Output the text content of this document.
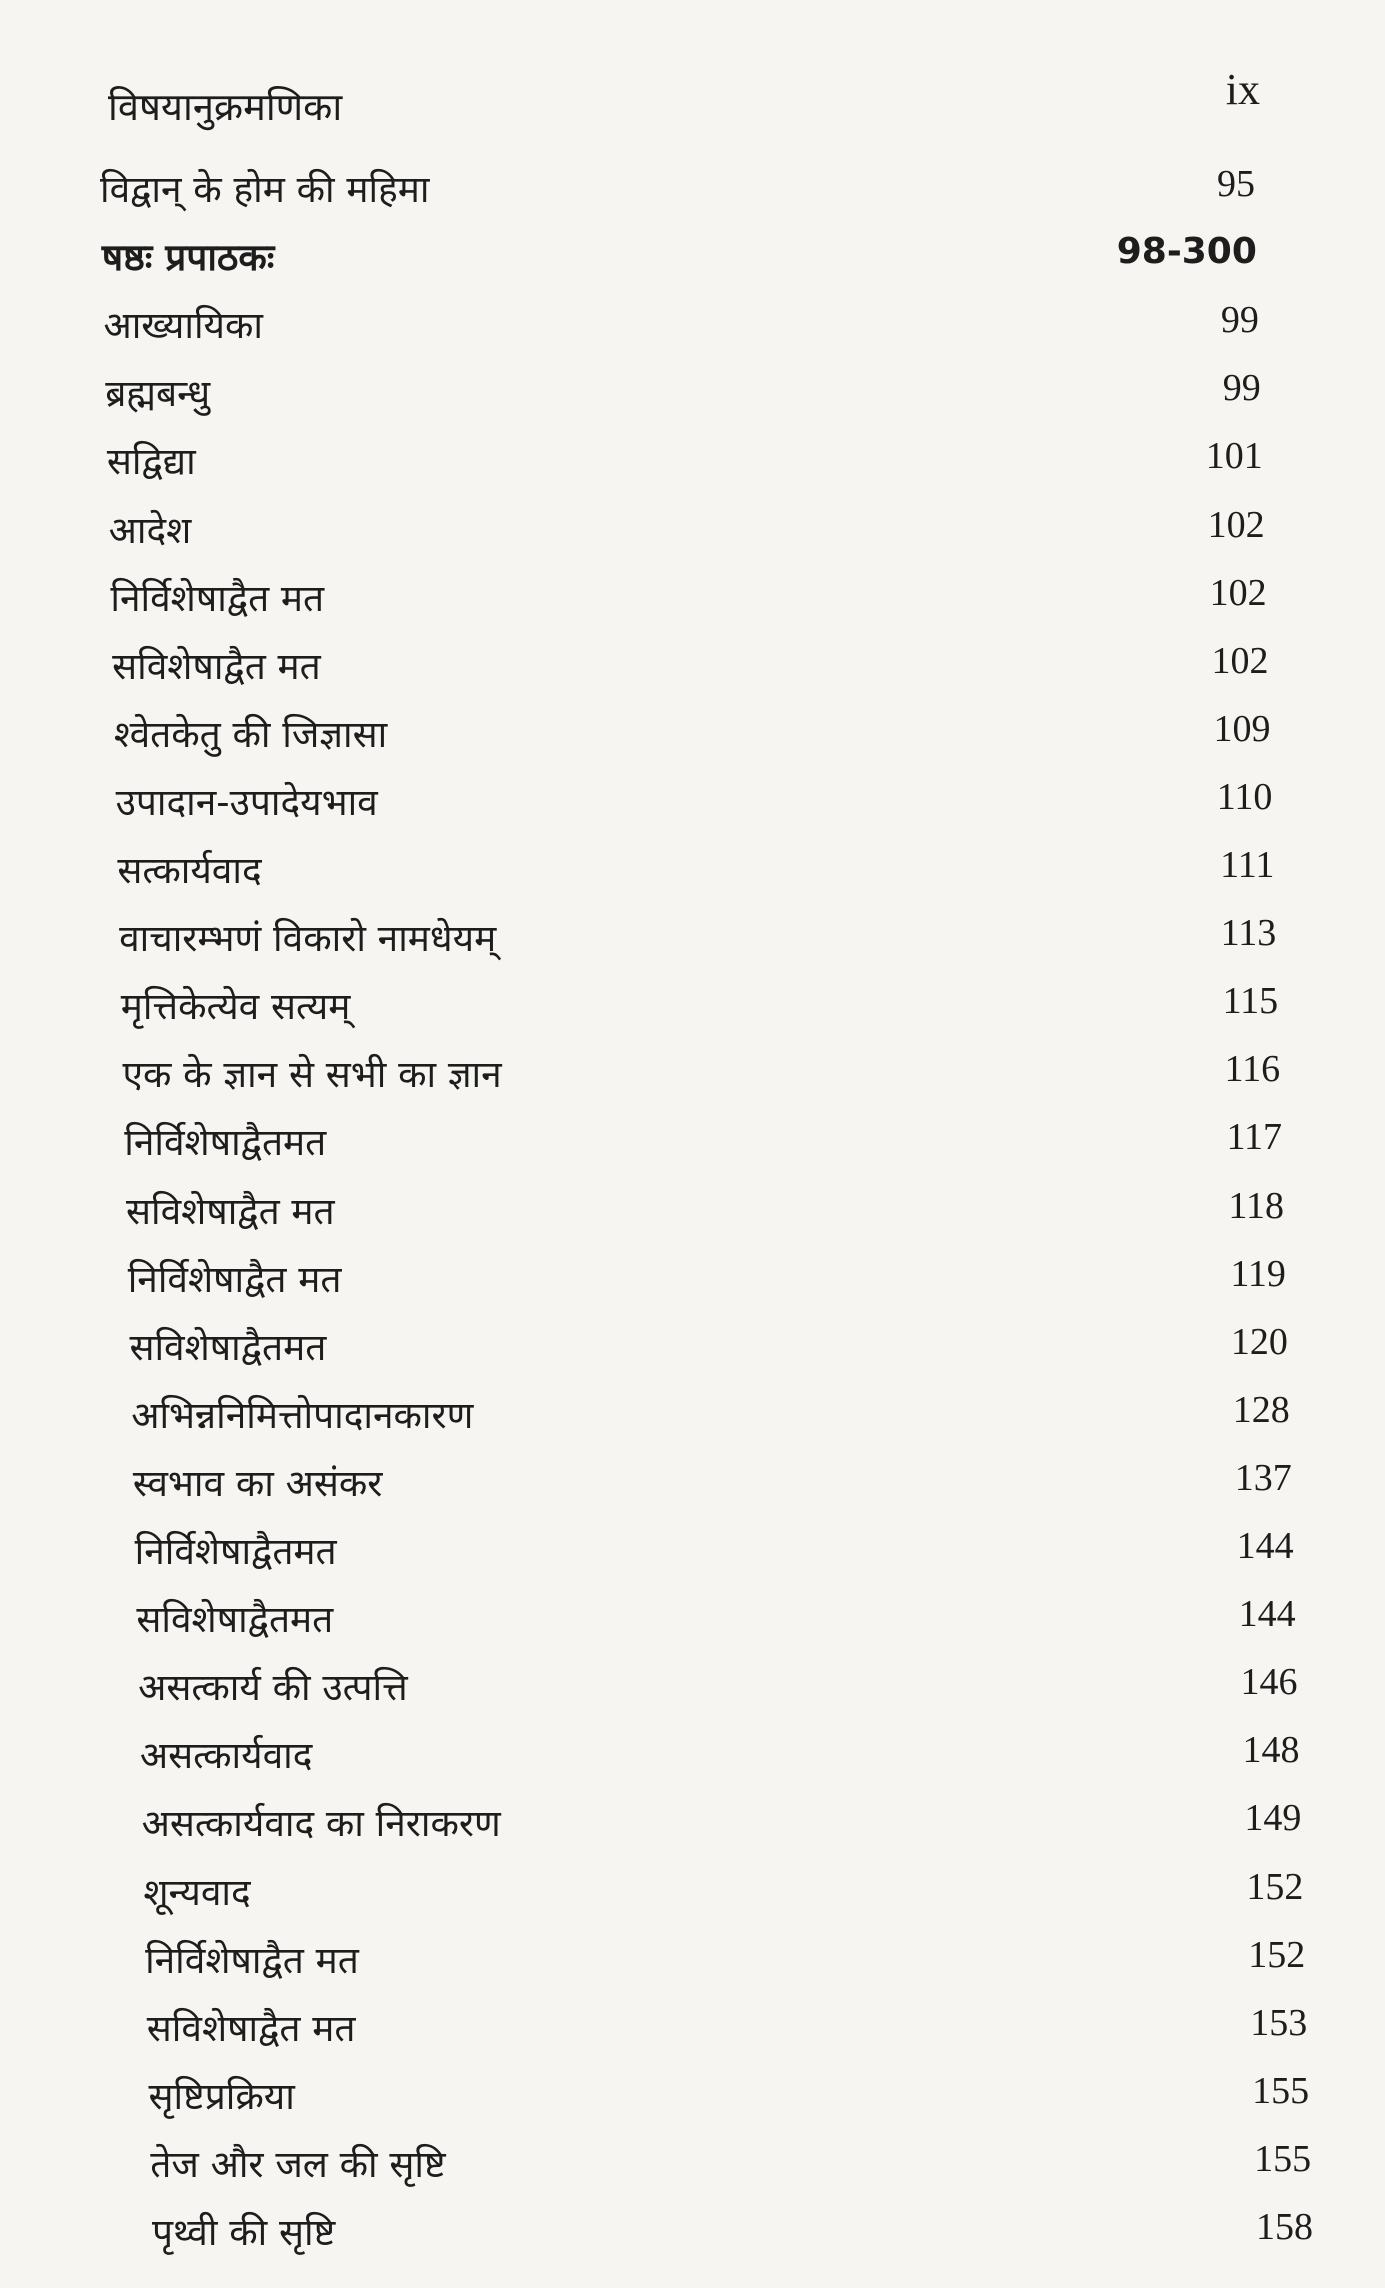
विषयानुक्रमणिका	ix
विद्वान् के होम की महिमा	95
षष्ठः प्रपाठकः	98-300
आख्यायिका	99
ब्रह्मबन्धु	99
सद्विद्या	101
आदेश	102
निर्विशेषाद्वैत मत	102
सविशेषाद्वैत मत	102
श्वेतकेतु की जिज्ञासा	109
उपादान-उपादेयभाव	110
सत्कार्यवाद	111
वाचारम्भणं विकारो नामधेयम्	113
मृत्तिकेत्येव सत्यम्	115
एक के ज्ञान से सभी का ज्ञान	116
निर्विशेषाद्वैतमत	117
सविशेषाद्वैत मत	118
निर्विशेषाद्वैत मत	119
सविशेषाद्वैतमत	120
अभिन्ननिमित्तोपादानकारण	128
स्वभाव का असंकर	137
निर्विशेषाद्वैतमत	144
सविशेषाद्वैतमत	144
असत्कार्य की उत्पत्ति	146
असत्कार्यवाद	148
असत्कार्यवाद का निराकरण	149
शून्यवाद	152
निर्विशेषाद्वैत मत	152
सविशेषाद्वैत मत	153
सृष्टिप्रक्रिया	155
तेज और जल की सृष्टि	155
पृथ्वी की सृष्टि	158
